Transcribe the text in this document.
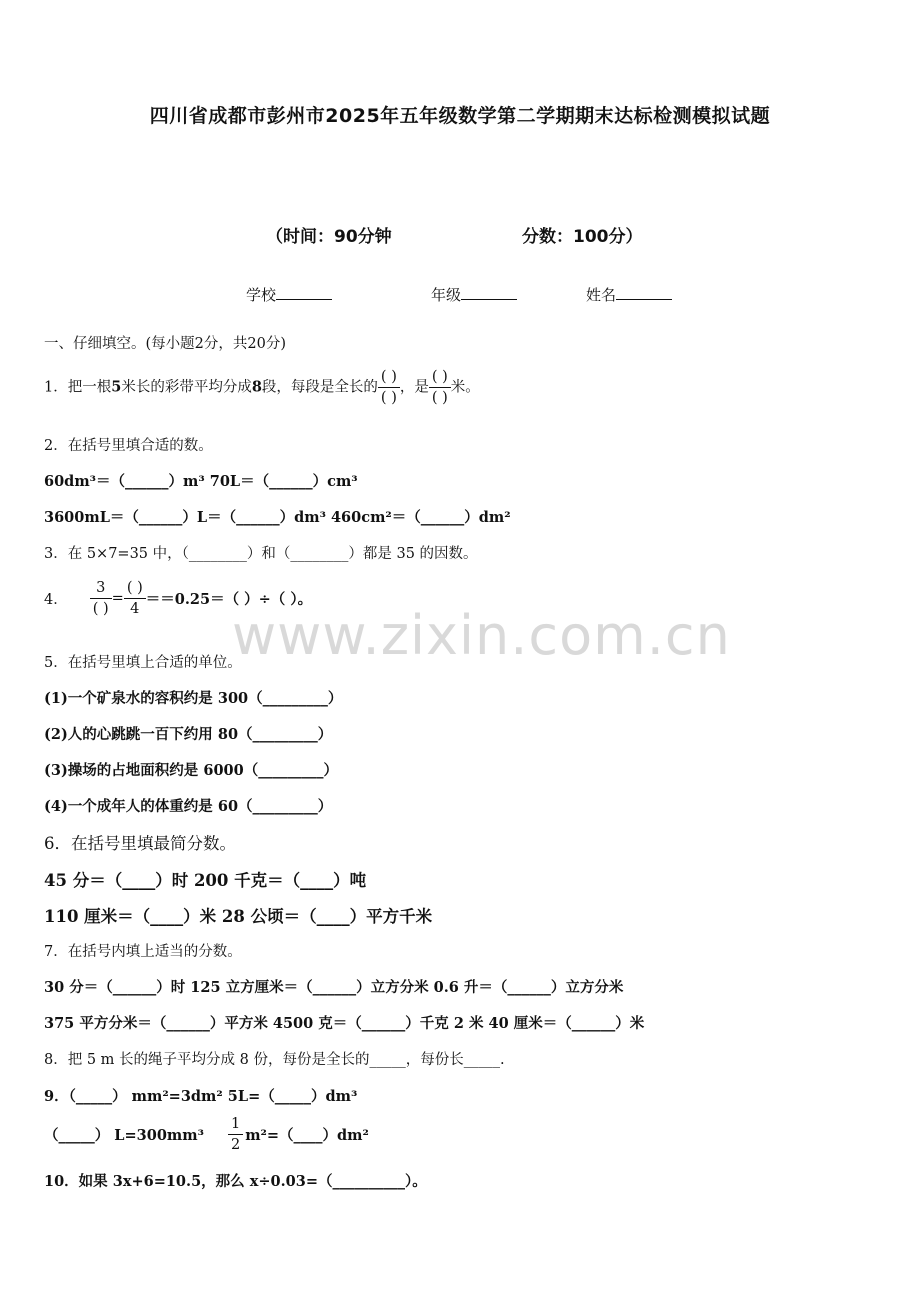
四川省成都市彭州市2025年五年级数学第二学期期末达标检测模拟试题
（时间：90分钟	分数：100分）
学校	年级	姓名
一、仔细填空。(每小题2分，共20分)
1．把一根5米长的彩带平均分成8段，每段是全长的 $\frac{( )}{( )}$ ，是 $\frac{( )}{( )}$ 米。
2．在括号里填合适的数。
60dm³＝（______）m³ 70L＝（______）cm³
3600mL＝（______）L＝（______）dm³ 460cm²＝（______）dm²
3．在 5×7=35 中，（________）和（________）都是 35 的因数。
4． $\frac{3}{( )} = \frac{( )}{4} ==0.25=$（ ）÷（ ）。
5．在括号里填上合适的单位。
(1)一个矿泉水的容积约是 300（_________）
(2)人的心跳跳一百下约用 80（_________）
(3)操场的占地面积约是 6000（_________）
(4)一个成年人的体重约是 60（_________）
6．在括号里填最简分数。
45 分＝（____）时 200 千克＝（____）吨
110 厘米＝（____）米 28 公顷＝（____）平方千米
7．在括号内填上适当的分数。
30 分＝（______）时 125 立方厘米＝（______）立方分米 0.6 升＝（______）立方分米
375 平方分米＝（______）平方米 4500 克＝（______）千克 2 米 40 厘米＝（______）米
8．把 5 m 长的绳子平均分成 8 份，每份是全长的_____，每份长_____.
9．（_____） mm²=3dm² 5L=（_____）dm³
（_____） $L=300mm^3 \frac{1}{2}$ m²=（____）dm²
10．如果 3x+6=10.5，那么 x÷0.03=（__________）。
www.zixin.com.cn
